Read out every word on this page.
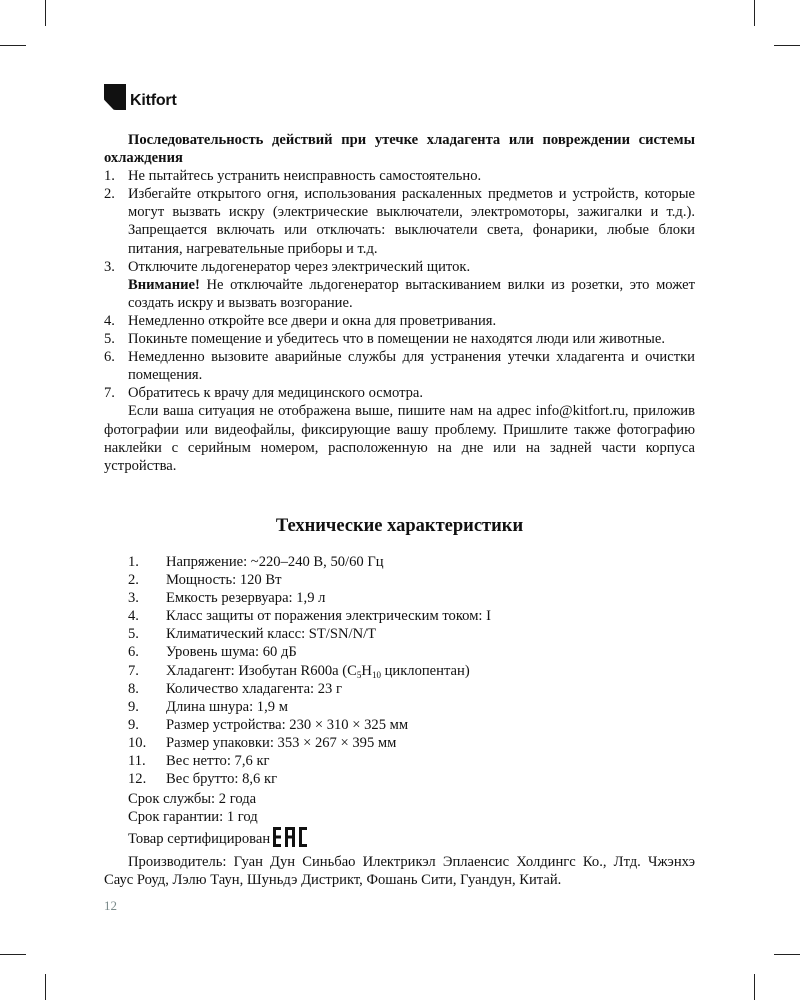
Kitfort
Последовательность действий при утечке хладагента или повреждении системы охлаждения
1. Не пытайтесь устранить неисправность самостоятельно.
2. Избегайте открытого огня, использования раскаленных предметов и устройств, которые могут вызвать искру (электрические выключатели, электромоторы, зажигалки и т.д.). Запрещается включать или отключать: выключатели света, фонарики, любые блоки питания, нагревательные приборы и т.д.
3. Отключите льдогенератор через электрический щиток.
Внимание! Не отключайте льдогенератор вытаскиванием вилки из розетки, это может создать искру и вызвать возгорание.
4. Немедленно откройте все двери и окна для проветривания.
5. Покиньте помещение и убедитесь что в помещении не находятся люди или животные.
6. Немедленно вызовите аварийные службы для устранения утечки хладагента и очистки помещения.
7. Обратитесь к врачу для медицинского осмотра.
Если ваша ситуация не отображена выше, пишите нам на адрес info@kitfort.ru, приложив фотографии или видеофайлы, фиксирующие вашу проблему. Пришлите также фотографию наклейки с серийным номером, расположенную на дне или на задней части корпуса устройства.
Технические характеристики
1.	Напряжение: ~220–240 В, 50/60 Гц
2.	Мощность: 120 Вт
3.	Емкость резервуара: 1,9 л
4.	Класс защиты от поражения электрическим током: I
5.	Климатический класс: ST/SN/N/T
6.	Уровень шума: 60 дБ
7.	Хладагент: Изобутан R600a ($C_5H_{10}$ циклопентан)
8.	Количество хладагента: 23 г
9.	Длина шнура: 1,9 м
9.	Размер устройства: 230 × 310 × 325 мм
10.	Размер упаковки: 353 × 267 × 395 мм
11.	Вес нетто: 7,6 кг
12.	Вес брутто: 8,6 кг
Срок службы: 2 года
Срок гарантии: 1 год
Товар сертифицирован
Производитель: Гуан Дун Синьбао Илектрикэл Эплаенсис Холдингс Ко., Лтд. Чжэнхэ Саус Роуд, Лэлю Таун, Шуньдэ Дистрикт, Фошань Сити, Гуандун, Китай.
12
